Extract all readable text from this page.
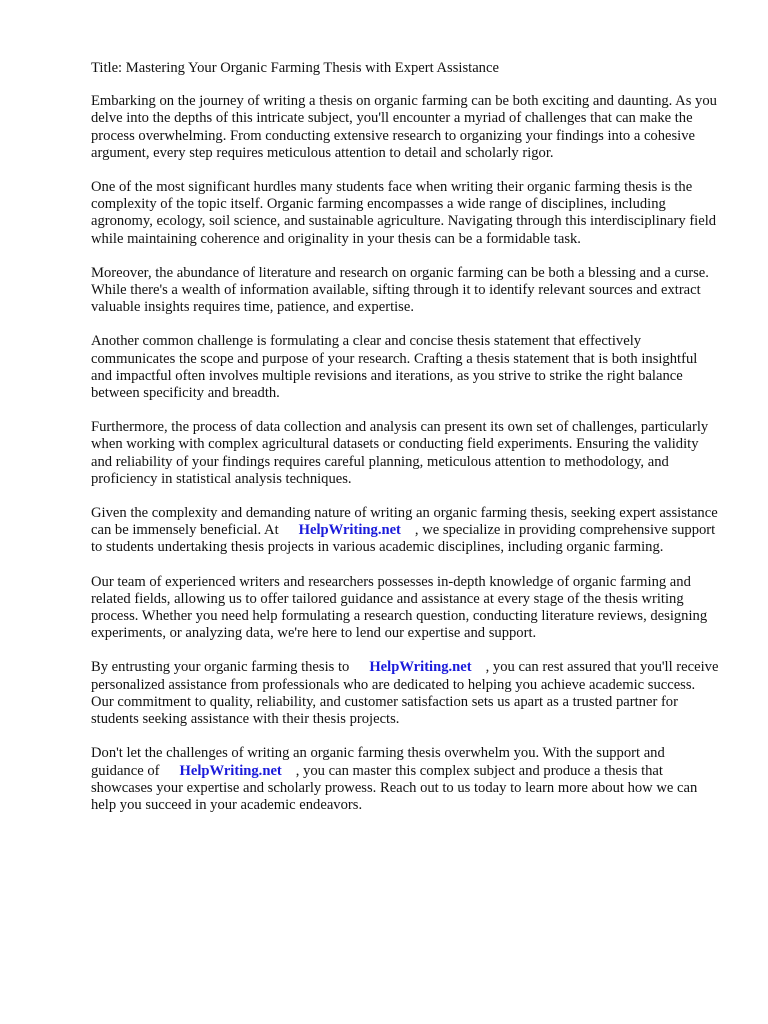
Title: Mastering Your Organic Farming Thesis with Expert Assistance

Embarking on the journey of writing a thesis on organic farming can be both exciting and daunting. As you delve into the depths of this intricate subject, you'll encounter a myriad of challenges that can make the process overwhelming. From conducting extensive research to organizing your findings into a cohesive argument, every step requires meticulous attention to detail and scholarly rigor.

One of the most significant hurdles many students face when writing their organic farming thesis is the complexity of the topic itself. Organic farming encompasses a wide range of disciplines, including agronomy, ecology, soil science, and sustainable agriculture. Navigating through this interdisciplinary field while maintaining coherence and originality in your thesis can be a formidable task.

Moreover, the abundance of literature and research on organic farming can be both a blessing and a curse. While there's a wealth of information available, sifting through it to identify relevant sources and extract valuable insights requires time, patience, and expertise.

Another common challenge is formulating a clear and concise thesis statement that effectively communicates the scope and purpose of your research. Crafting a thesis statement that is both insightful and impactful often involves multiple revisions and iterations, as you strive to strike the right balance between specificity and breadth.

Furthermore, the process of data collection and analysis can present its own set of challenges, particularly when working with complex agricultural datasets or conducting field experiments. Ensuring the validity and reliability of your findings requires careful planning, meticulous attention to methodology, and proficiency in statistical analysis techniques.

Given the complexity and demanding nature of writing an organic farming thesis, seeking expert assistance can be immensely beneficial. At HelpWriting.net , we specialize in providing comprehensive support to students undertaking thesis projects in various academic disciplines, including organic farming.

Our team of experienced writers and researchers possesses in-depth knowledge of organic farming and related fields, allowing us to offer tailored guidance and assistance at every stage of the thesis writing process. Whether you need help formulating a research question, conducting literature reviews, designing experiments, or analyzing data, we're here to lend our expertise and support.

By entrusting your organic farming thesis to HelpWriting.net , you can rest assured that you'll receive personalized assistance from professionals who are dedicated to helping you achieve academic success. Our commitment to quality, reliability, and customer satisfaction sets us apart as a trusted partner for students seeking assistance with their thesis projects.

Don't let the challenges of writing an organic farming thesis overwhelm you. With the support and guidance of HelpWriting.net , you can master this complex subject and produce a thesis that showcases your expertise and scholarly prowess. Reach out to us today to learn more about how we can help you succeed in your academic endeavors.
